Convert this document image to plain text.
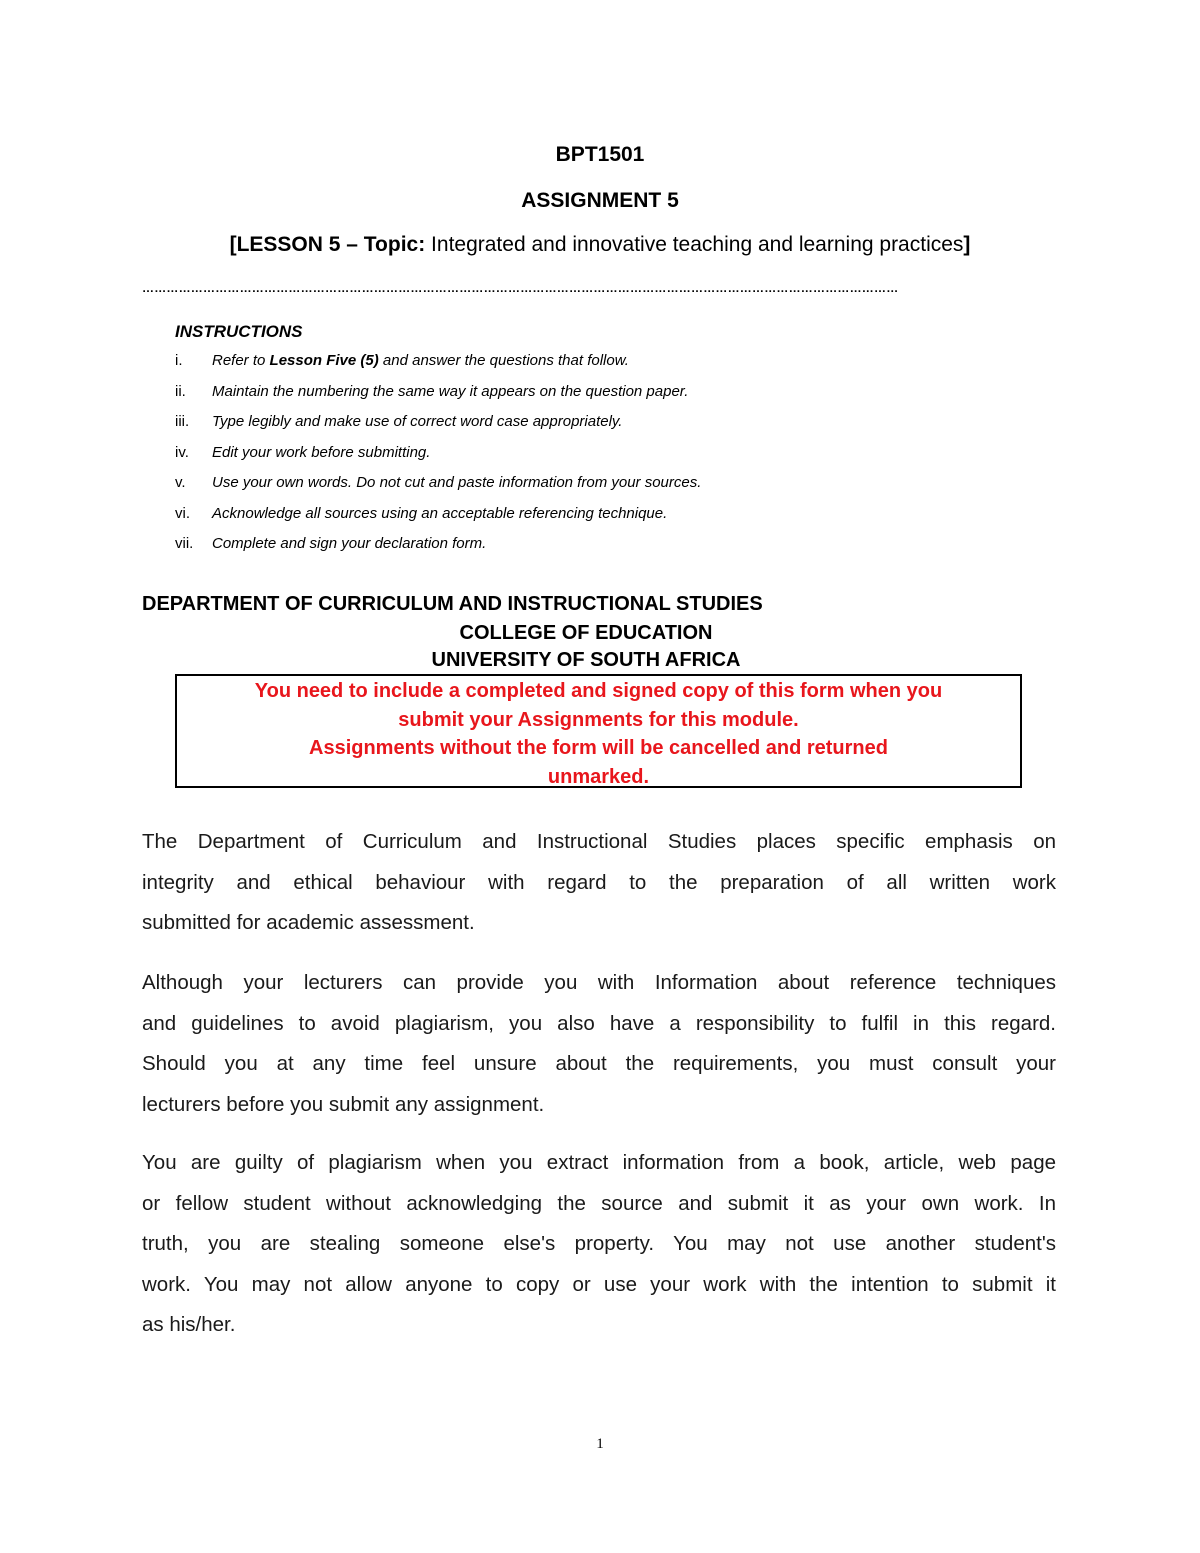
BPT1501
ASSIGNMENT 5
[LESSON 5 – Topic: Integrated and innovative teaching and learning practices]
……………………………………………………………………………………………………………………………………………………………………
INSTRUCTIONS
i.	Refer to Lesson Five (5) and answer the questions that follow.
ii.	Maintain the numbering the same way it appears on the question paper.
iii.	Type legibly and make use of correct word case appropriately.
iv.	Edit your work before submitting.
v.	Use your own words. Do not cut and paste information from your sources.
vi.	Acknowledge all sources using an acceptable referencing technique.
vii.	Complete and sign your declaration form.
DEPARTMENT OF CURRICULUM AND INSTRUCTIONAL STUDIES
COLLEGE OF EDUCATION
UNIVERSITY OF SOUTH AFRICA
You need to include a completed and signed copy of this form when you
submit your Assignments for this module.
Assignments without the form will be cancelled and returned
unmarked.
The Department of Curriculum and Instructional Studies places specific emphasis on
integrity and ethical behaviour with regard to the preparation of all written work
submitted for academic assessment.
Although your lecturers can provide you with Information about reference techniques
and guidelines to avoid plagiarism, you also have a responsibility to fulfil in this regard.
Should you at any time feel unsure about the requirements, you must consult your
lecturers before you submit any assignment.
You are guilty of plagiarism when you extract information from a book, article, web page
or fellow student without acknowledging the source and submit it as your own work. In
truth, you are stealing someone else's property. You may not use another student's
work. You may not allow anyone to copy or use your work with the intention to submit it
as his/her.
1
